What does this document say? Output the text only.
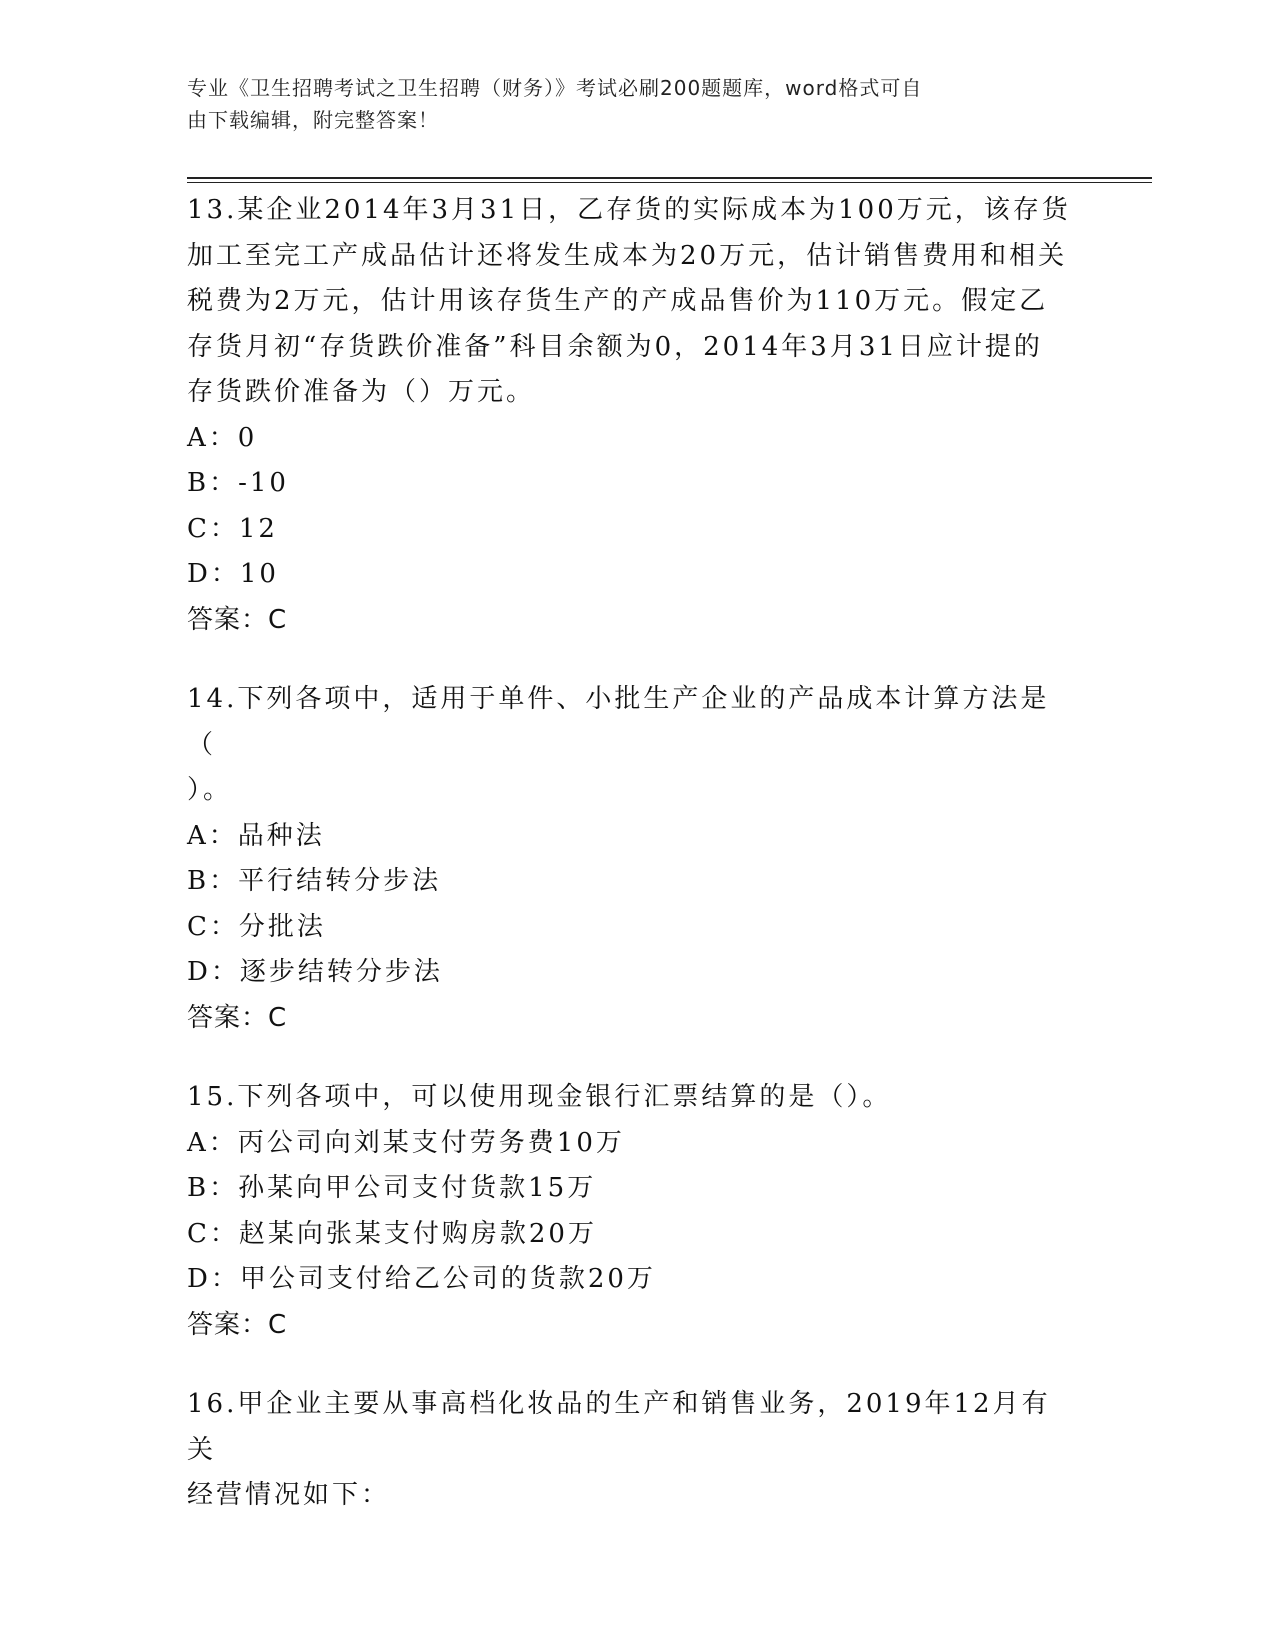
专业《卫生招聘考试之卫生招聘（财务）》考试必刷200题题库，word格式可自
由下载编辑，附完整答案！

13.某企业2014年3月31日，乙存货的实际成本为100万元，该存货

加工至完工产成品估计还将发生成本为20万元，估计销售费用和相关

税费为2万元，估计用该存货生产的产成品售价为110万元。假定乙

存货月初“存货跌价准备”科目余额为0，2014年3月31日应计提的

存货跌价准备为（）万元。

A：0

B：-10

C：12

D：10

答案：C

14.下列各项中，适用于单件、小批生产企业的产品成本计算方法是（

）。

A：品种法

B：平行结转分步法

C：分批法

D：逐步结转分步法

答案：C

15.下列各项中，可以使用现金银行汇票结算的是（）。

A：丙公司向刘某支付劳务费10万

B：孙某向甲公司支付货款15万

C：赵某向张某支付购房款20万

D：甲公司支付给乙公司的货款20万

答案：C

16.甲企业主要从事高档化妆品的生产和销售业务，2019年12月有关

经营情况如下：
